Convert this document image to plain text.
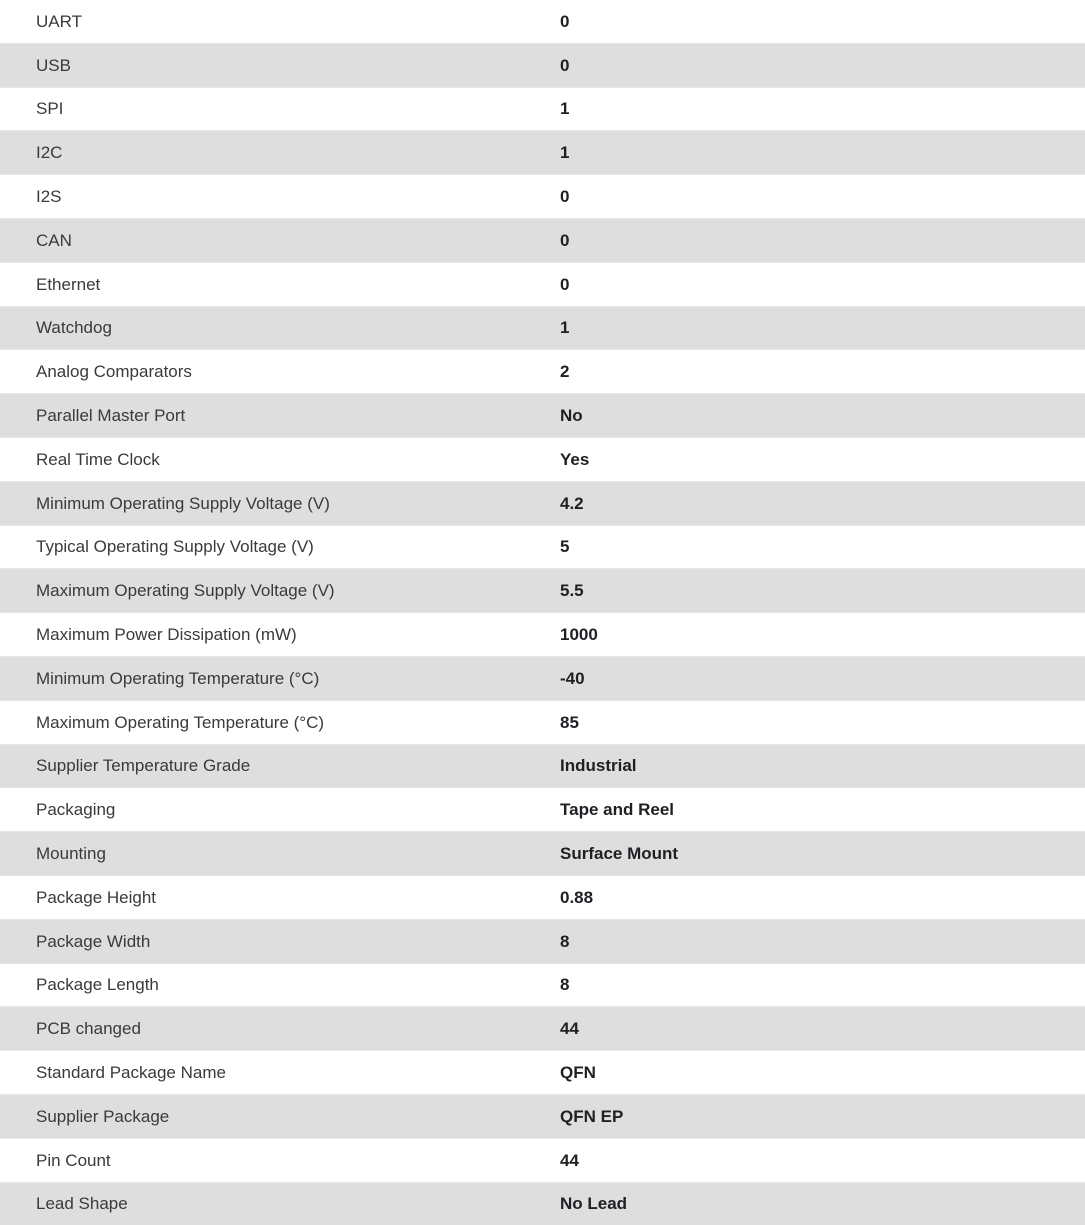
UART	0
USB	0
SPI	1
I2C	1
I2S	0
CAN	0
Ethernet	0
Watchdog	1
Analog Comparators	2
Parallel Master Port	No
Real Time Clock	Yes
Minimum Operating Supply Voltage (V)	4.2
Typical Operating Supply Voltage (V)	5
Maximum Operating Supply Voltage (V)	5.5
Maximum Power Dissipation (mW)	1000
Minimum Operating Temperature (°C)	-40
Maximum Operating Temperature (°C)	85
Supplier Temperature Grade	Industrial
Packaging	Tape and Reel
Mounting	Surface Mount
Package Height	0.88
Package Width	8
Package Length	8
PCB changed	44
Standard Package Name	QFN
Supplier Package	QFN EP
Pin Count	44
Lead Shape	No Lead
